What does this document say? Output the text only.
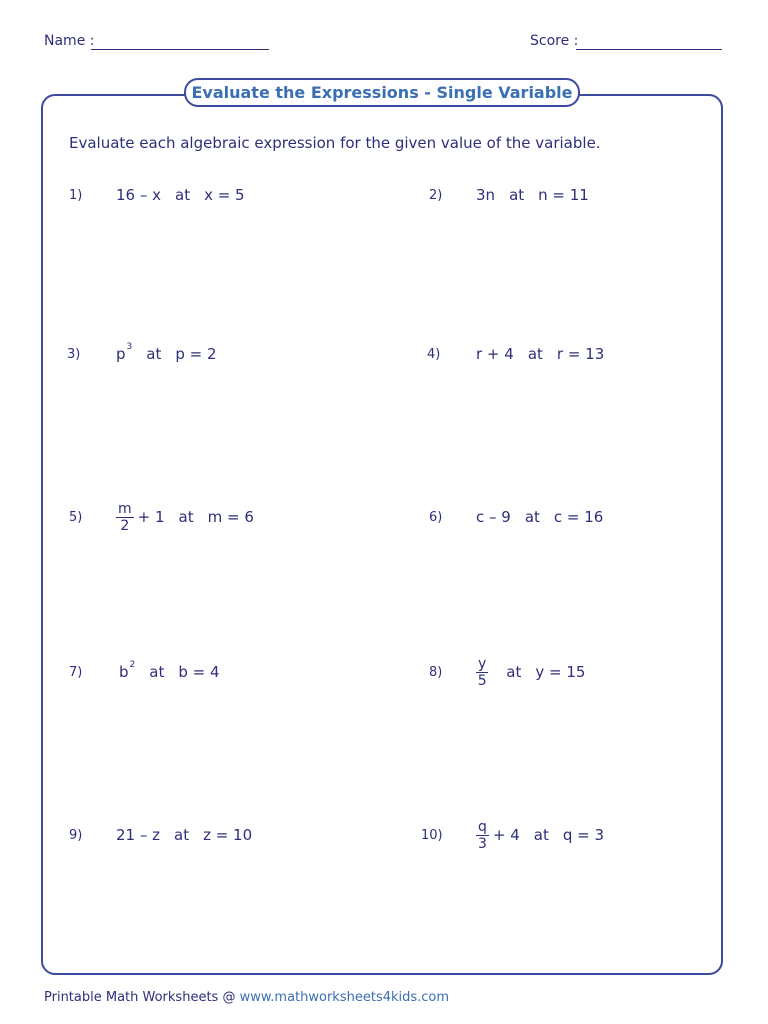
Name :	Score :
Evaluate the Expressions - Single Variable
Evaluate each algebraic expression for the given value of the variable.
1)	16 – x at x = 5	2)	3n at n = 11
3)	p 3 at p = 2	4)	r + 4 at r = 13
5)	$\frac{m}{2} + 1$ at m = 6	6)	c – 9 at c = 16
7)	b 2 at b = 4	8)	$\frac{y}{5}$ at y = 15
9)	21 – z at z = 10	10)	$\frac{q}{3} + 4$ at q = 3
Printable Math Worksheets @ www.mathworksheets4kids.com
